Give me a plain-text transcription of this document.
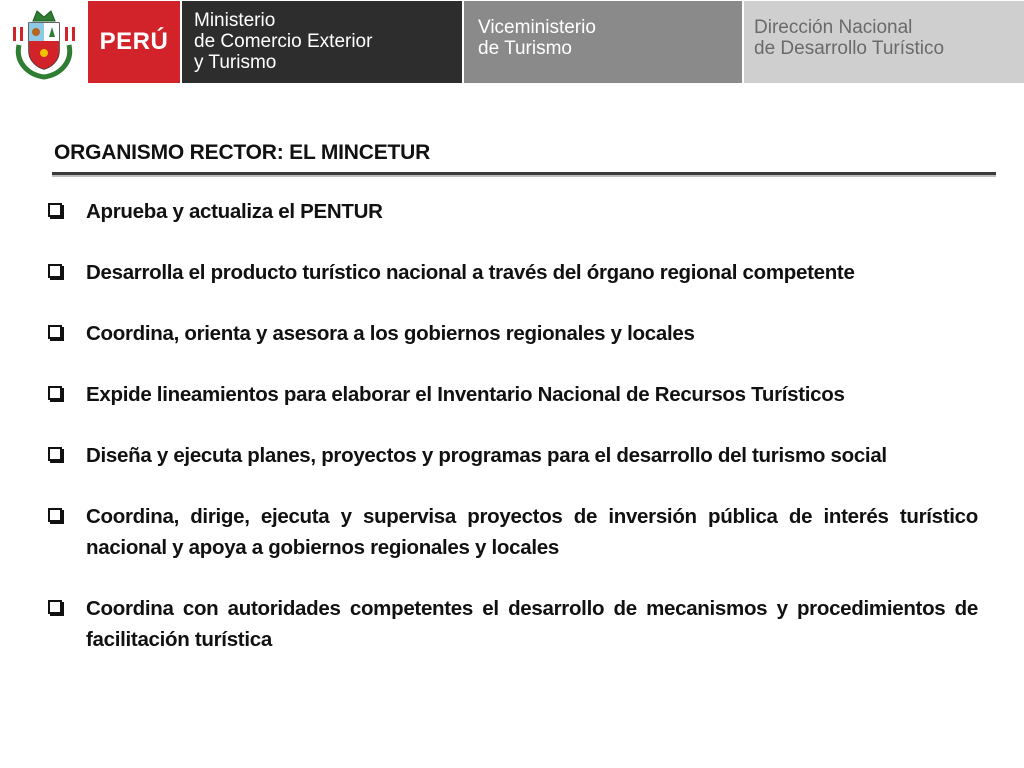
PERÚ
Ministerio
de Comercio Exterior
y Turismo
Viceministerio
de Turismo
Dirección Nacional
de Desarrollo Turístico
ORGANISMO RECTOR: EL MINCETUR
Aprueba y actualiza el PENTUR
Desarrolla el producto turístico nacional a través del órgano regional competente
Coordina, orienta y asesora a los gobiernos regionales y locales
Expide lineamientos para elaborar el Inventario Nacional de Recursos Turísticos
Diseña y ejecuta planes, proyectos y programas para el desarrollo del turismo social
Coordina, dirige, ejecuta y supervisa proyectos de inversión pública de interés turístico nacional y apoya a gobiernos regionales y locales
Coordina con autoridades competentes el desarrollo de mecanismos y procedimientos de facilitación turística
